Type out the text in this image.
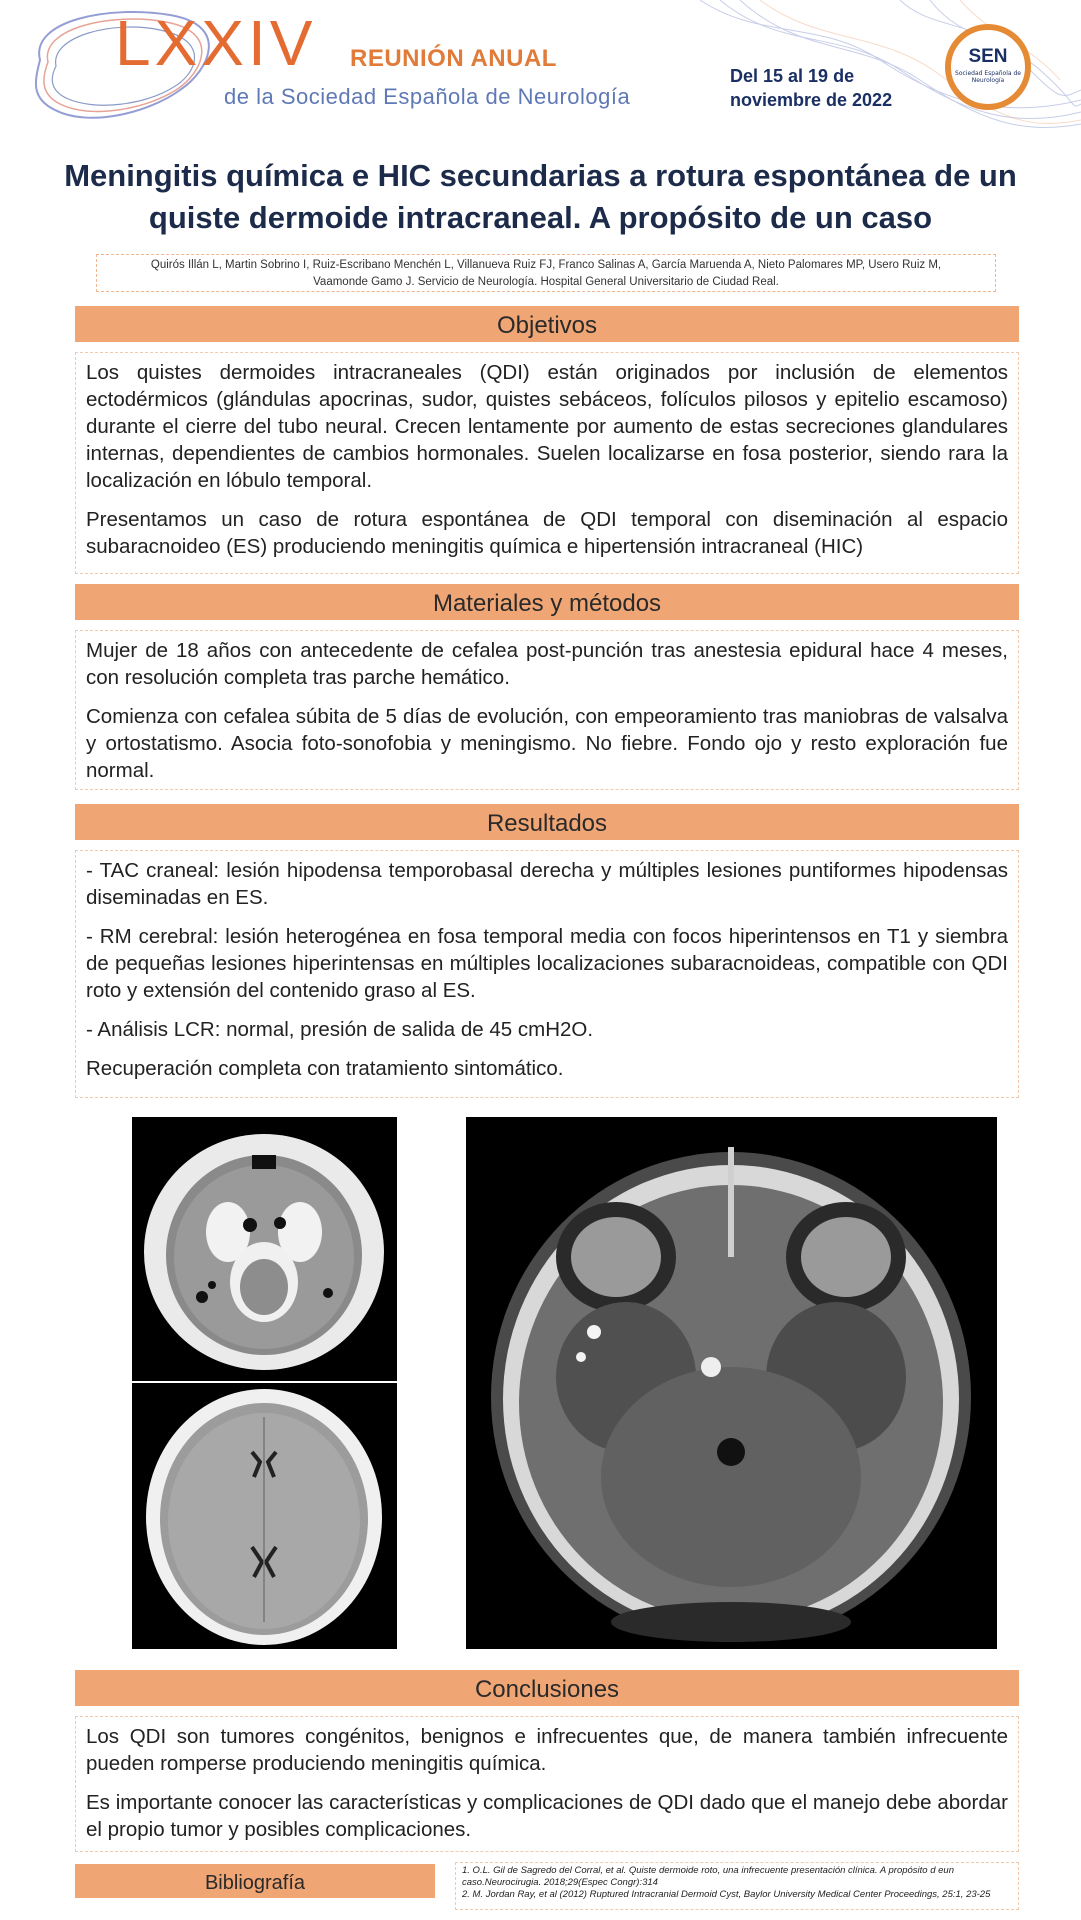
LXXIV REUNIÓN ANUAL
de la Sociedad Española de Neurología
Del 15 al 19 de
noviembre de 2022
SEN
Sociedad Española de Neurología
Meningitis química e HIC secundarias a rotura espontánea de un
quiste dermoide intracraneal. A propósito de un caso
Quirós Illán L, Martin Sobrino I, Ruiz-Escribano Menchén L, Villanueva Ruiz FJ, Franco Salinas A, García Maruenda A, Nieto Palomares MP, Usero Ruiz M,
Vaamonde Gamo J. Servicio de Neurología. Hospital General Universitario de Ciudad Real.
Objetivos

Los quistes dermoides intracraneales (QDI) están originados por inclusión de elementos ectodérmicos (glándulas apocrinas, sudor, quistes sebáceos, folículos pilosos y epitelio escamoso) durante el cierre del tubo neural. Crecen lentamente por aumento de estas secreciones glandulares internas, dependientes de cambios hormonales. Suelen localizarse en fosa posterior, siendo rara la localización en lóbulo temporal.

Presentamos un caso de rotura espontánea de QDI temporal con diseminación al espacio subaracnoideo (ES) produciendo meningitis química e hipertensión intracraneal (HIC)

Materiales y métodos

Mujer de 18 años con antecedente de cefalea post-punción tras anestesia epidural hace 4 meses, con resolución completa tras parche hemático.

Comienza con cefalea súbita de 5 días de evolución, con empeoramiento tras maniobras de valsalva y ortostatismo. Asocia foto-sonofobia y meningismo. No fiebre. Fondo ojo y resto exploración fue normal.

Resultados

- TAC craneal: lesión hipodensa temporobasal derecha y múltiples lesiones puntiformes hipodensas diseminadas en ES.

- RM cerebral: lesión heterogénea en fosa temporal media con focos hiperintensos en T1 y siembra de pequeñas lesiones hiperintensas en múltiples localizaciones subaracnoideas, compatible con QDI roto y extensión del contenido graso al ES.

- Análisis LCR: normal, presión de salida de 45 cmH2O.

Recuperación completa con tratamiento sintomático.

Conclusiones

Los QDI son tumores congénitos, benignos e infrecuentes que, de manera también infrecuente pueden romperse produciendo meningitis química.

Es importante conocer las características y complicaciones de QDI dado que el manejo debe abordar el propio tumor y posibles complicaciones.

Bibliografía
1. O.L. Gil de Sagredo del Corral, et al. Quiste dermoide roto, una infrecuente presentación clínica. A propósito d eun caso.Neurocirugia. 2018;29(Espec Congr):314
2. M. Jordan Ray, et al (2012) Ruptured Intracranial Dermoid Cyst, Baylor University Medical Center Proceedings, 25:1, 23-25
